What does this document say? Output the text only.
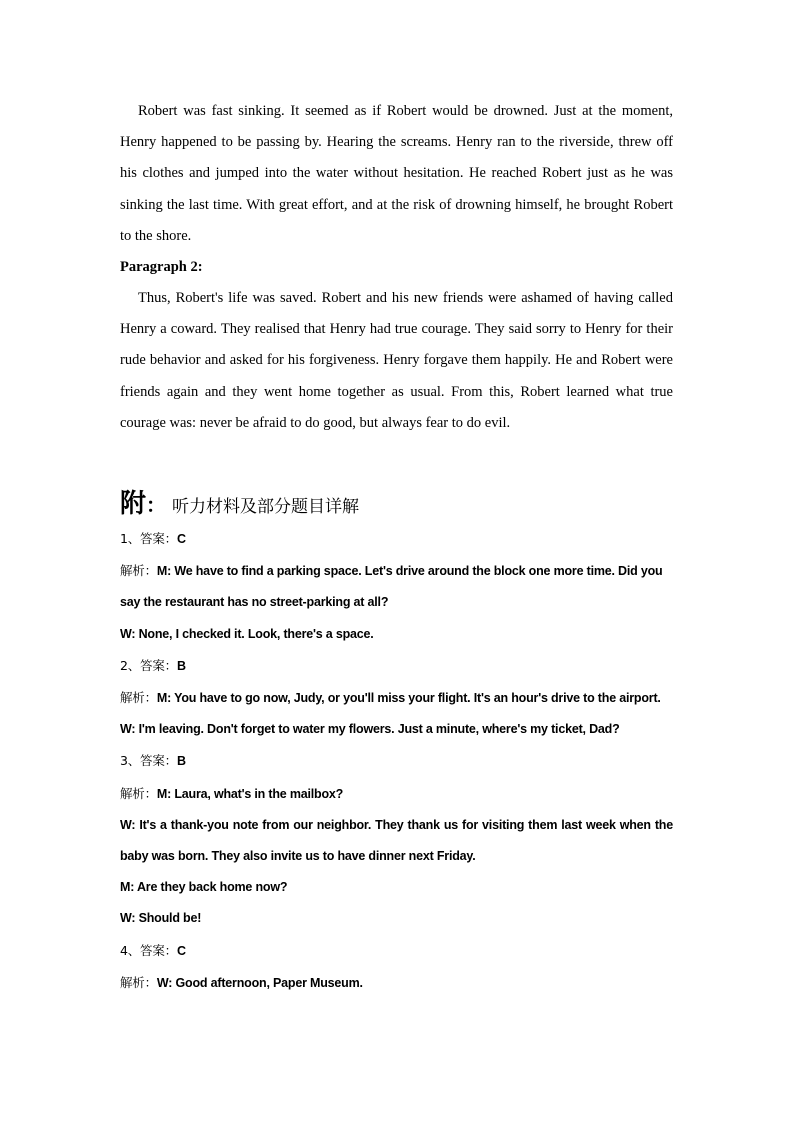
Robert was fast sinking. It seemed as if Robert would be drowned. Just at the moment, Henry happened to be passing by. Hearing the screams. Henry ran to the riverside, threw off his clothes and jumped into the water without hesitation. He reached Robert just as he was sinking the last time. With great effort, and at the risk of drowning himself, he brought Robert to the shore.

Paragraph 2:

Thus, Robert's life was saved. Robert and his new friends were ashamed of having called Henry a coward. They realised that Henry had true courage. They said sorry to Henry for their rude behavior and asked for his forgiveness. Henry forgave them happily. He and Robert were friends again and they went home together as usual. From this, Robert learned what true courage was: never be afraid to do good, but always fear to do evil.

附 ： 听力材料及部分题目详解

1、答案：C

解析：M: We have to find a parking space. Let's drive around the block one more time. Did you say the restaurant has no street-parking at all?

W: None, I checked it. Look, there's a space.

2、答案：B

解析：M: You have to go now, Judy, or you'll miss your flight. It's an hour's drive to the airport.

W: I'm leaving. Don't forget to water my flowers. Just a minute, where's my ticket, Dad?

3、答案：B

解析：M: Laura, what's in the mailbox?

W: It's a thank-you note from our neighbor. They thank us for visiting them last week when the baby was born. They also invite us to have dinner next Friday.

M: Are they back home now?

W: Should be!

4、答案：C

解析：W: Good afternoon, Paper Museum.
